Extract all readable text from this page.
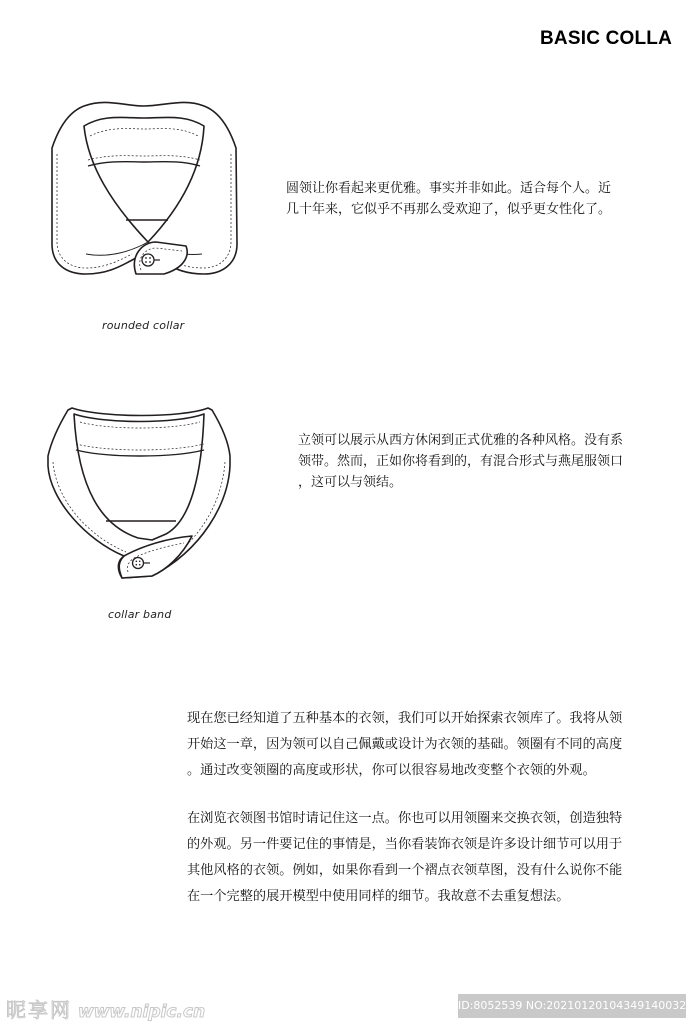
BASIC COLLA
rounded collar

圆领让你看起来更优雅。事实并非如此。适合每个人。近

几十年来，它似乎不再那么受欢迎了，似乎更女性化了。

collar band

立领可以展示从西方休闲到正式优雅的各种风格。没有系

领带。然而，正如你将看到的，有混合形式与燕尾服领口

，这可以与领结。

现在您已经知道了五种基本的衣领，我们可以开始探索衣领库了。我将从领
开始这一章，因为领可以自己佩戴或设计为衣领的基础。领圈有不同的高度
。通过改变领圈的高度或形状，你可以很容易地改变整个衣领的外观。

在浏览衣领图书馆时请记住这一点。你也可以用领圈来交换衣领，创造独特
的外观。另一件要记住的事情是，当你看装饰衣领是许多设计细节可以用于
其他风格的衣领。例如，如果你看到一个褶点衣领草图，没有什么说你不能
在一个完整的展开模型中使用同样的细节。我故意不去重复想法。

昵享网 www.nipic.cn	ID:8052539 NO:20210120104349140032
